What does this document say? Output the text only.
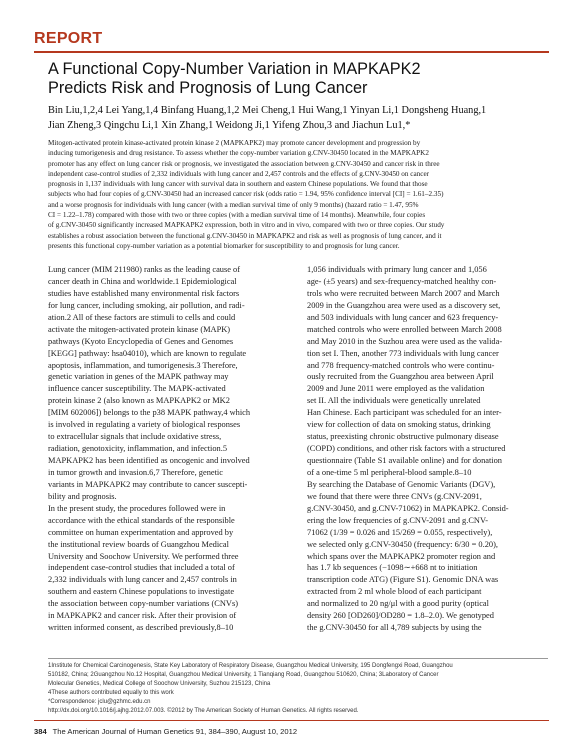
REPORT
A Functional Copy-Number Variation in MAPKAPK2
Predicts Risk and Prognosis of Lung Cancer
Bin Liu,1,2,4 Lei Yang,1,4 Binfang Huang,1,2 Mei Cheng,1 Hui Wang,1 Yinyan Li,1 Dongsheng Huang,1
Jian Zheng,3 Qingchu Li,1 Xin Zhang,1 Weidong Ji,1 Yifeng Zhou,3 and Jiachun Lu1,*
Mitogen-activated protein kinase-activated protein kinase 2 (MAPKAPK2) may promote cancer development and progression by
inducing tumorigenesis and drug resistance. To assess whether the copy-number variation g.CNV-30450 located in the MAPKAPK2
promoter has any effect on lung cancer risk or prognosis, we investigated the association between g.CNV-30450 and cancer risk in three
independent case-control studies of 2,332 individuals with lung cancer and 2,457 controls and the effects of g.CNV-30450 on cancer
prognosis in 1,137 individuals with lung cancer with survival data in southern and eastern Chinese populations. We found that those
subjects who had four copies of g.CNV-30450 had an increased cancer risk (odds ratio = 1.94, 95% confidence interval [CI] = 1.61–2.35)
and a worse prognosis for individuals with lung cancer (with a median survival time of only 9 months) (hazard ratio = 1.47, 95%
CI = 1.22–1.78) compared with those with two or three copies (with a median survival time of 14 months). Meanwhile, four copies
of g.CNV-30450 significantly increased MAPKAPK2 expression, both in vitro and in vivo, compared with two or three copies. Our study
establishes a robust association between the functional g.CNV-30450 in MAPKAPK2 and risk as well as prognosis of lung cancer, and it
presents this functional copy-number variation as a potential biomarker for susceptibility to and prognosis for lung cancer.
Lung cancer (MIM 211980) ranks as the leading cause of
cancer death in China and worldwide.1 Epidemiological
studies have established many environmental risk factors
for lung cancer, including smoking, air pollution, and radi-
ation.2 All of these factors are stimuli to cells and could
activate the mitogen-activated protein kinase (MAPK)
pathways (Kyoto Encyclopedia of Genes and Genomes
[KEGG] pathway: hsa04010), which are known to regulate
apoptosis, inflammation, and tumorigenesis.3 Therefore,
genetic variation in genes of the MAPK pathway may
influence cancer susceptibility. The MAPK-activated
protein kinase 2 (also known as MAPKAPK2 or MK2
[MIM 602006]) belongs to the p38 MAPK pathway,4 which
is involved in regulating a variety of biological responses
to extracellular signals that include oxidative stress,
radiation, genotoxicity, inflammation, and infection.5
MAPKAPK2 has been identified as oncogenic and involved
in tumor growth and invasion.6,7 Therefore, genetic
variants in MAPKAPK2 may contribute to cancer suscepti-
bility and prognosis.
In the present study, the procedures followed were in
accordance with the ethical standards of the responsible
committee on human experimentation and approved by
the institutional review boards of Guangzhou Medical
University and Soochow University. We performed three
independent case-control studies that included a total of
2,332 individuals with lung cancer and 2,457 controls in
southern and eastern Chinese populations to investigate
the association between copy-number variations (CNVs)
in MAPKAPK2 and cancer risk. After their provision of
written informed consent, as described previously,8–10
1,056 individuals with primary lung cancer and 1,056
age- (±5 years) and sex-frequency-matched healthy con-
trols who were recruited between March 2007 and March
2009 in the Guangzhou area were used as a discovery set,
and 503 individuals with lung cancer and 623 frequency-
matched controls who were enrolled between March 2008
and May 2010 in the Suzhou area were used as the valida-
tion set I. Then, another 773 individuals with lung cancer
and 778 frequency-matched controls who were continu-
ously recruited from the Guangzhou area between April
2009 and June 2011 were employed as the validation
set II. All the individuals were genetically unrelated
Han Chinese. Each participant was scheduled for an inter-
view for collection of data on smoking status, drinking
status, preexisting chronic obstructive pulmonary disease
(COPD) conditions, and other risk factors with a structured
questionnaire (Table S1 available online) and for donation
of a one-time 5 ml peripheral-blood sample.8–10
By searching the Database of Genomic Variants (DGV),
we found that there were three CNVs (g.CNV-2091,
g.CNV-30450, and g.CNV-71062) in MAPKAPK2. Consid-
ering the low frequencies of g.CNV-2091 and g.CNV-
71062 (1/39 = 0.026 and 15/269 = 0.055, respectively),
we selected only g.CNV-30450 (frequency: 6/30 = 0.20),
which spans over the MAPKAPK2 promoter region and
has 1.7 kb sequences (−1098∼+668 nt to initiation
transcription code ATG) (Figure S1). Genomic DNA was
extracted from 2 ml whole blood of each participant
and normalized to 20 ng/μl with a good purity (optical
density 260 [OD260]/OD280 = 1.8–2.0). We genotyped
the g.CNV-30450 for all 4,789 subjects by using the
1Institute for Chemical Carcinogenesis, State Key Laboratory of Respiratory Disease, Guangzhou Medical University, 195 Dongfengxi Road, Guangzhou
510182, China; 2Guangzhou No.12 Hospital, Guangzhou Medical University, 1 Tianqiang Road, Guangzhou 510620, China; 3Laboratory of Cancer
Molecular Genetics, Medical College of Soochow University, Suzhou 215123, China
4These authors contributed equally to this work
*Correspondence: jclu@gzhmc.edu.cn
http://dx.doi.org/10.1016/j.ajhg.2012.07.003. ©2012 by The American Society of Human Genetics. All rights reserved.
384 The American Journal of Human Genetics 91, 384–390, August 10, 2012
